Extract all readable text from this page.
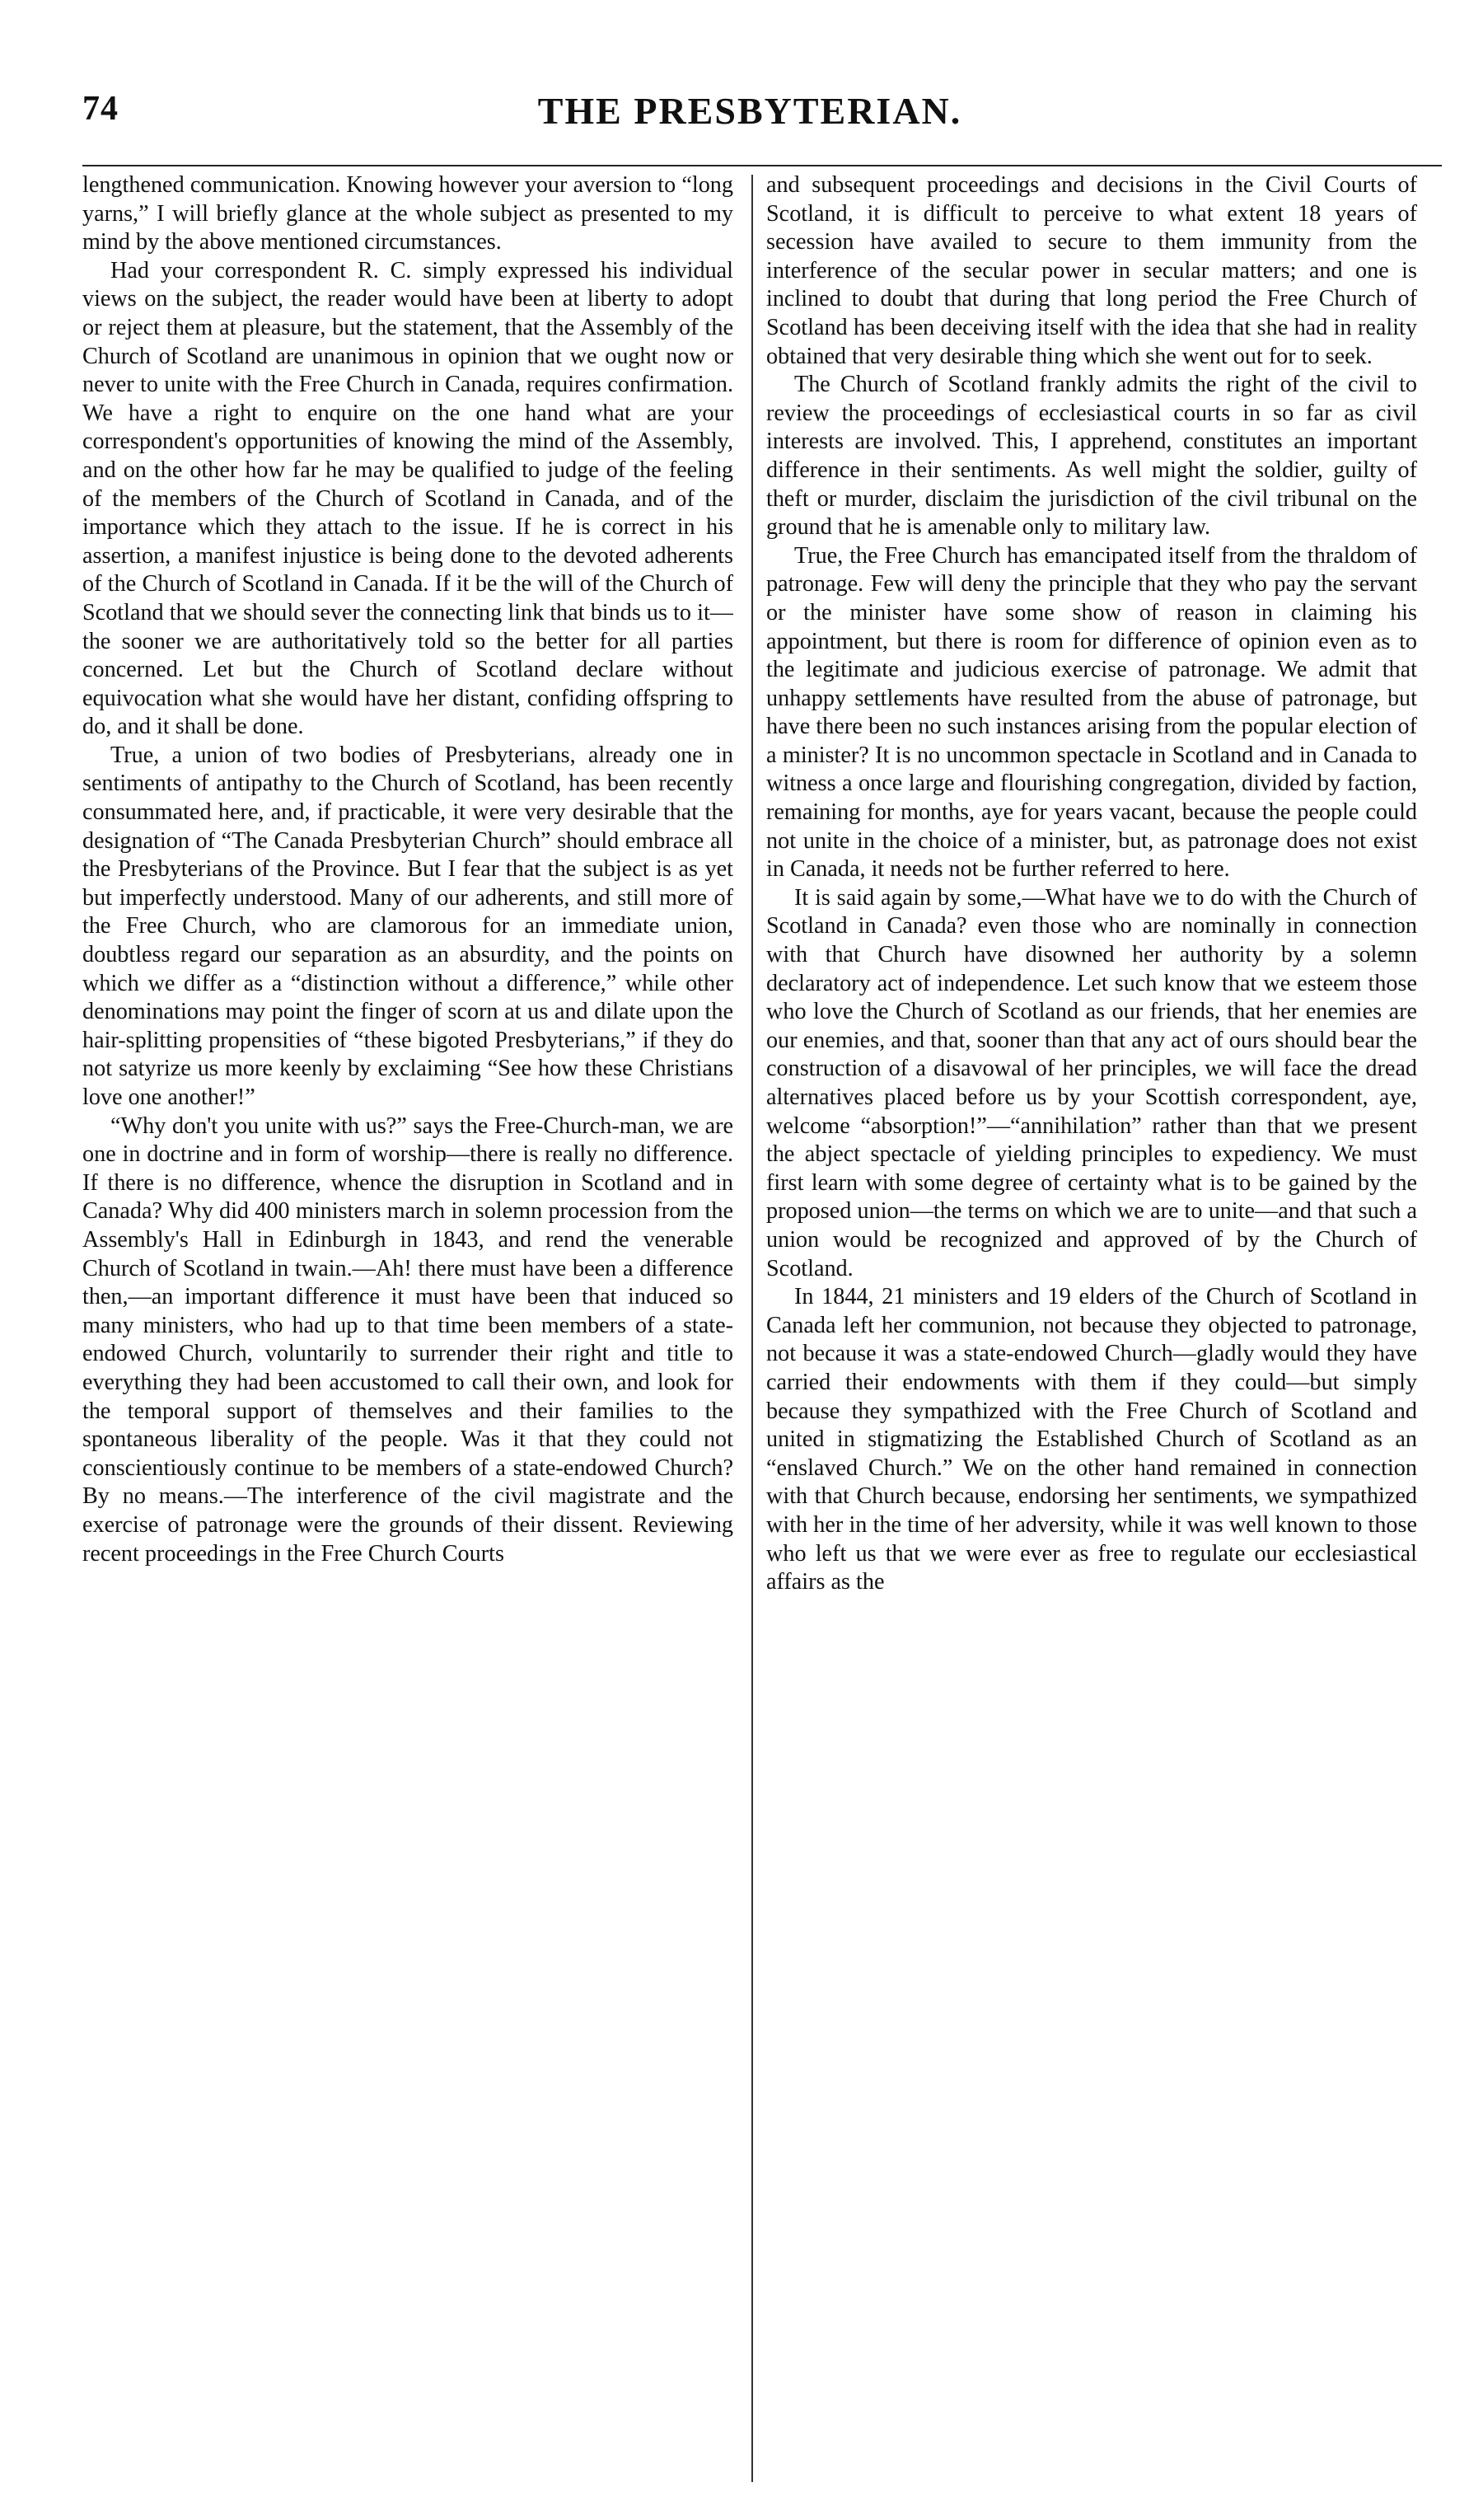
74	THE PRESBYTERIAN.

lengthened communication. Knowing however your aversion to “long yarns,” I will briefly glance at the whole subject as presented to my mind by the above mentioned circumstances.

Had your correspondent R. C. simply expressed his individual views on the subject, the reader would have been at liberty to adopt or reject them at pleasure, but the statement, that the Assembly of the Church of Scotland are unanimous in opinion that we ought now or never to unite with the Free Church in Canada, requires confirmation. We have a right to enquire on the one hand what are your correspondent's opportunities of knowing the mind of the Assembly, and on the other how far he may be qualified to judge of the feeling of the members of the Church of Scotland in Canada, and of the importance which they attach to the issue. If he is correct in his assertion, a manifest injustice is being done to the devoted adherents of the Church of Scotland in Canada. If it be the will of the Church of Scotland that we should sever the connecting link that binds us to it—the sooner we are authoritatively told so the better for all parties concerned. Let but the Church of Scotland declare without equivocation what she would have her distant, confiding offspring to do, and it shall be done.

True, a union of two bodies of Presbyterians, already one in sentiments of antipathy to the Church of Scotland, has been recently consummated here, and, if practicable, it were very desirable that the designation of “The Canada Presbyterian Church” should embrace all the Presbyterians of the Province. But I fear that the subject is as yet but imperfectly understood. Many of our adherents, and still more of the Free Church, who are clamorous for an immediate union, doubtless regard our separation as an absurdity, and the points on which we differ as a “distinction without a difference,” while other denominations may point the finger of scorn at us and dilate upon the hair-splitting propensities of “these bigoted Presbyterians,” if they do not satyrize us more keenly by exclaiming “See how these Christians love one another!”

“Why don't you unite with us?” says the Free-Church-man, we are one in doctrine and in form of worship—there is really no difference. If there is no difference, whence the disruption in Scotland and in Canada? Why did 400 ministers march in solemn procession from the Assembly's Hall in Edinburgh in 1843, and rend the venerable Church of Scotland in twain.—Ah! there must have been a difference then,—an important difference it must have been that induced so many ministers, who had up to that time been members of a state-endowed Church, voluntarily to surrender their right and title to everything they had been accustomed to call their own, and look for the temporal support of themselves and their families to the spontaneous liberality of the people. Was it that they could not conscientiously continue to be members of a state-endowed Church? By no means.—The interference of the civil magistrate and the exercise of patronage were the grounds of their dissent. Reviewing recent proceedings in the Free Church Courts

and subsequent proceedings and decisions in the Civil Courts of Scotland, it is difficult to perceive to what extent 18 years of secession have availed to secure to them immunity from the interference of the secular power in secular matters; and one is inclined to doubt that during that long period the Free Church of Scotland has been deceiving itself with the idea that she had in reality obtained that very desirable thing which she went out for to seek.

The Church of Scotland frankly admits the right of the civil to review the proceedings of ecclesiastical courts in so far as civil interests are involved. This, I apprehend, constitutes an important difference in their sentiments. As well might the soldier, guilty of theft or murder, disclaim the jurisdiction of the civil tribunal on the ground that he is amenable only to military law.

True, the Free Church has emancipated itself from the thraldom of patronage. Few will deny the principle that they who pay the servant or the minister have some show of reason in claiming his appointment, but there is room for difference of opinion even as to the legitimate and judicious exercise of patronage. We admit that unhappy settlements have resulted from the abuse of patronage, but have there been no such instances arising from the popular election of a minister? It is no uncommon spectacle in Scotland and in Canada to witness a once large and flourishing congregation, divided by faction, remaining for months, aye for years vacant, because the people could not unite in the choice of a minister, but, as patronage does not exist in Canada, it needs not be further referred to here.

It is said again by some,—What have we to do with the Church of Scotland in Canada? even those who are nominally in connection with that Church have disowned her authority by a solemn declaratory act of independence. Let such know that we esteem those who love the Church of Scotland as our friends, that her enemies are our enemies, and that, sooner than that any act of ours should bear the construction of a disavowal of her principles, we will face the dread alternatives placed before us by your Scottish correspondent, aye, welcome “absorption!”—“annihilation” rather than that we present the abject spectacle of yielding principles to expediency. We must first learn with some degree of certainty what is to be gained by the proposed union—the terms on which we are to unite—and that such a union would be recognized and approved of by the Church of Scotland.

In 1844, 21 ministers and 19 elders of the Church of Scotland in Canada left her communion, not because they objected to patronage, not because it was a state-endowed Church—gladly would they have carried their endowments with them if they could—but simply because they sympathized with the Free Church of Scotland and united in stigmatizing the Established Church of Scotland as an “enslaved Church.” We on the other hand remained in connection with that Church because, endorsing her sentiments, we sympathized with her in the time of her adversity, while it was well known to those who left us that we were ever as free to regulate our ecclesiastical affairs as the
